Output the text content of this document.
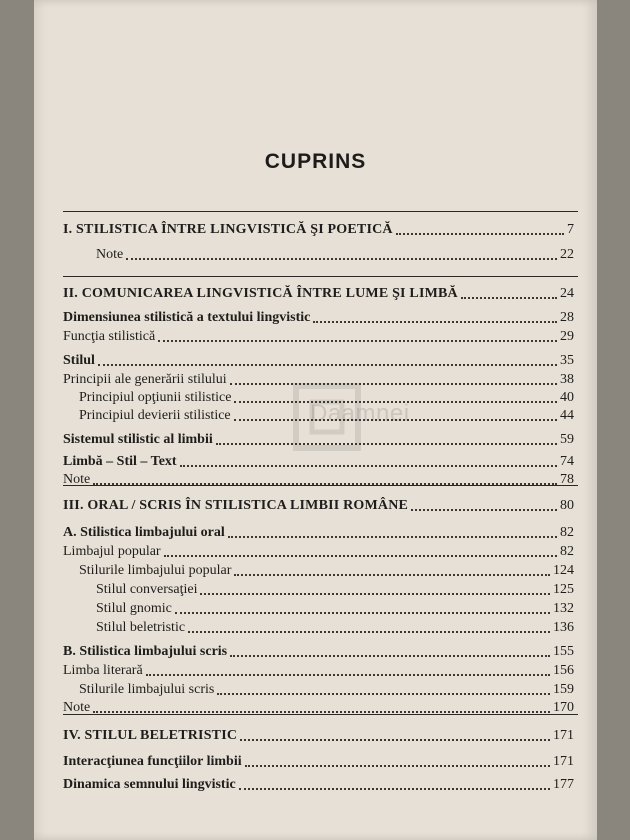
CUPRINS
Daamnei
I. STILISTICA ÎNTRE LINGVISTICĂ ŞI POETICĂ	7
Note	22
II. COMUNICAREA LINGVISTICĂ ÎNTRE LUME ŞI LIMBĂ	24
Dimensiunea stilistică a textului lingvistic	28
Funcţia stilistică	29
Stilul	35
Principii ale generării stilului	38
Principiul opţiunii stilistice	40
Principiul devierii stilistice	44
Sistemul stilistic al limbii	59
Limbă – Stil – Text	74
Note	78
III. ORAL / SCRIS ÎN STILISTICA LIMBII ROMÂNE	80
A. Stilistica limbajului oral	82
Limbajul popular	82
Stilurile limbajului popular	124
Stilul conversaţiei	125
Stilul gnomic	132
Stilul beletristic	136
B. Stilistica limbajului scris	155
Limba literară	156
Stilurile limbajului scris	159
Note	170
IV. STILUL BELETRISTIC	171
Interacţiunea funcţiilor limbii	171
Dinamica semnului lingvistic	177
